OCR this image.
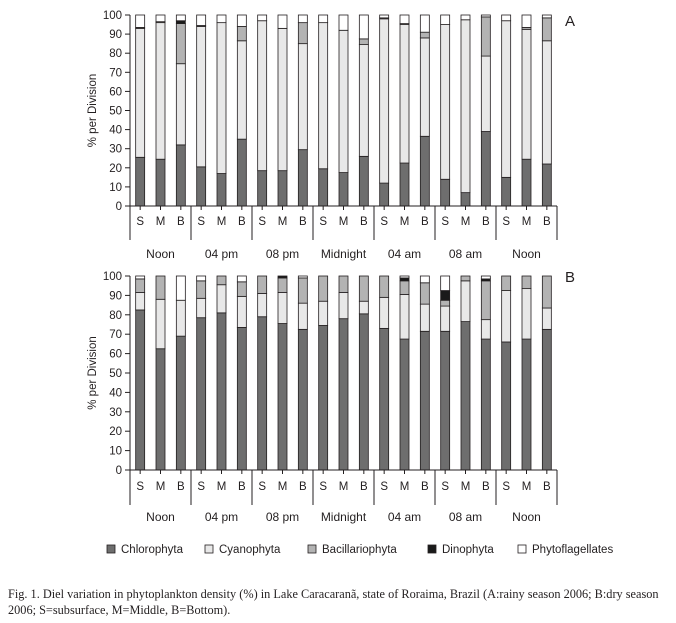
0
10
20
30
40
50
60
70
80
90
100
% per Division
S M B S M B S M B S M B S M B S M B S M B
Noon 04 pm 08 pm Midnight 04 am 08 am Noon
A
0
10
20
30
40
50
60
70
80
90
100
% per Division
S M B S M B S M B S M B S M B S M B S M B
Noon 04 pm 08 pm Midnight 04 am 08 am Noon
B
Chlorophyta	Cyanophyta	Bacillariophyta	Dinophyta	Phytoflagellates
Fig. 1. Diel variation in phytoplankton density (%) in Lake Caracaranã, state of Roraima, Brazil (A:rainy season 2006; B:dry season 2006; S=subsurface, M=Middle, B=Bottom).
